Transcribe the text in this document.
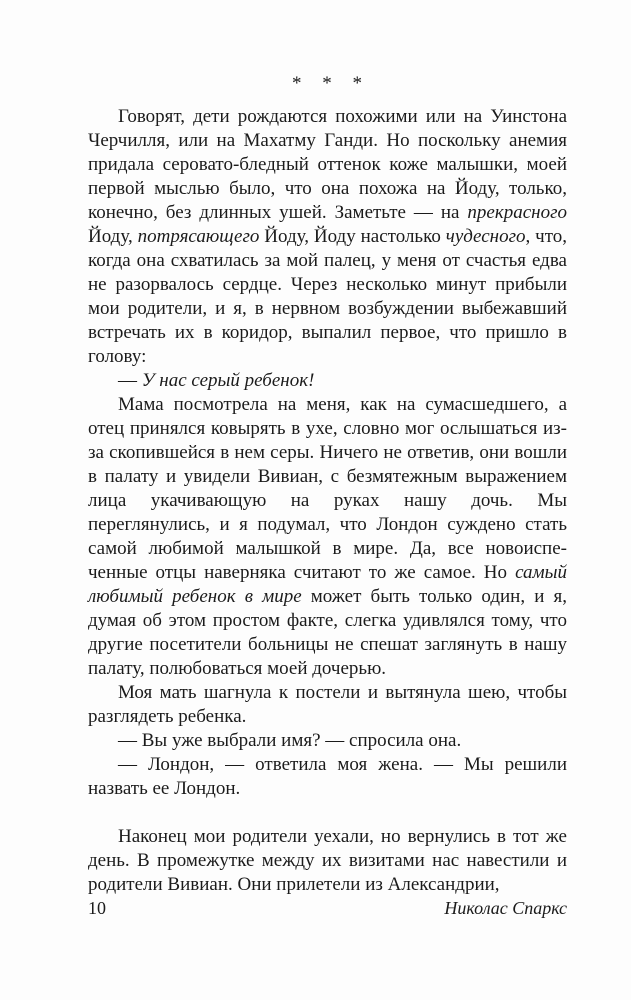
* * *

Говорят, дети рождаются похожими или на Уинстона Черчилля, или на Махатму Ганди. Но поскольку анемия придала серовато-бледный оттенок коже малышки, моей первой мыслью было, что она похожа на Йоду, только, конечно, без длинных ушей. Заметьте — на прекрасного Йоду, потрясающего Йоду, Йоду настолько чудесного, что, когда она схватилась за мой палец, у меня от счастья едва не разорвалось сердце. Через несколько минут прибыли мои родители, и я, в нервном возбуждении выбежавший встречать их в коридор, выпалил первое, что пришло в голову:

— У нас серый ребенок!

Мама посмотрела на меня, как на сумасшедшего, а отец принялся ковырять в ухе, словно мог ослышаться из-за скопившейся в нем серы. Ничего не ответив, они вошли в палату и увидели Вивиан, с безмятежным выражением лица укачивающую на руках нашу дочь. Мы переглянулись, и я подумал, что Лондон суждено стать самой любимой малышкой в мире. Да, все новоиспеченные отцы наверняка считают то же самое. Но самый любимый ребенок в мире может быть только один, и я, думая об этом простом факте, слегка удивлялся тому, что другие посетители больницы не спешат заглянуть в нашу палату, полюбоваться моей дочерью.

Моя мать шагнула к постели и вытянула шею, чтобы разглядеть ребенка.

— Вы уже выбрали имя? — спросила она.

— Лондон, — ответила моя жена. — Мы решили назвать ее Лондон.

Наконец мои родители уехали, но вернулись в тот же день. В промежутке между их визитами нас навестили и родители Вивиан. Они прилетели из Александрии,

10	Николас Спаркс
